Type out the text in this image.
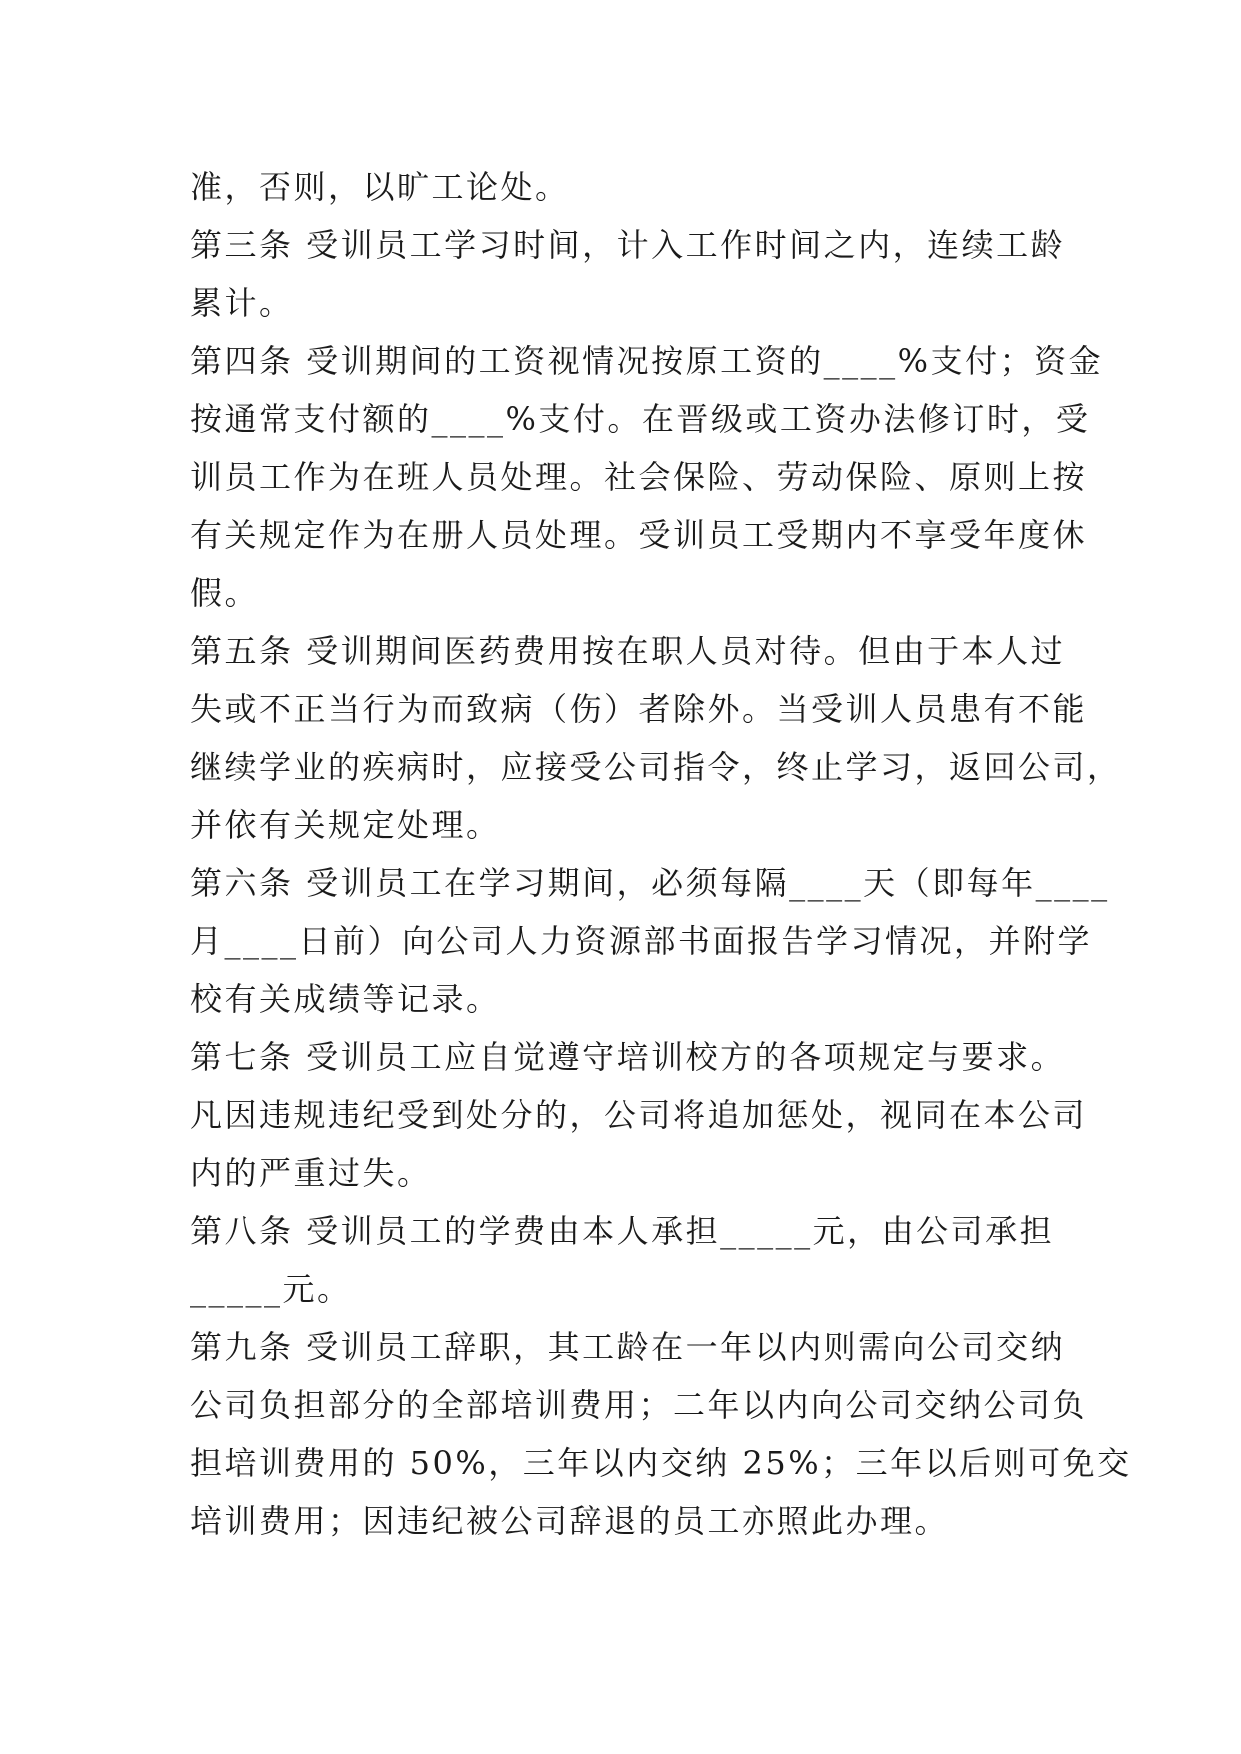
准，否则，以旷工论处。
第三条 受训员工学习时间，计入工作时间之内，连续工龄
累计。
第四条 受训期间的工资视情况按原工资的____%支付；资金
按通常支付额的____%支付。在晋级或工资办法修订时，受
训员工作为在班人员处理。社会保险、劳动保险、原则上按
有关规定作为在册人员处理。受训员工受期内不享受年度休
假。
第五条 受训期间医药费用按在职人员对待。但由于本人过
失或不正当行为而致病（伤）者除外。当受训人员患有不能
继续学业的疾病时，应接受公司指令，终止学习，返回公司，
并依有关规定处理。
第六条 受训员工在学习期间，必须每隔____天（即每年____
月____日前）向公司人力资源部书面报告学习情况，并附学
校有关成绩等记录。
第七条 受训员工应自觉遵守培训校方的各项规定与要求。
凡因违规违纪受到处分的，公司将追加惩处，视同在本公司
内的严重过失。
第八条 受训员工的学费由本人承担_____元，由公司承担
_____元。
第九条 受训员工辞职，其工龄在一年以内则需向公司交纳
公司负担部分的全部培训费用；二年以内向公司交纳公司负
担培训费用的 50%，三年以内交纳 25%；三年以后则可免交
培训费用；因违纪被公司辞退的员工亦照此办理。
